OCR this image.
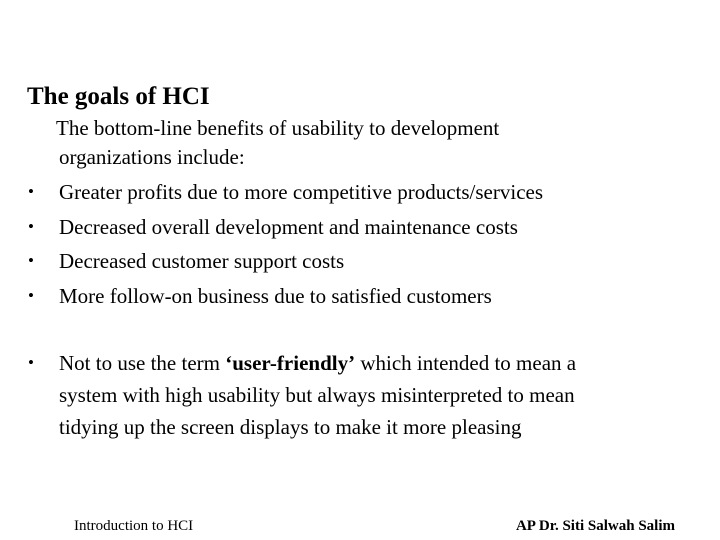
The goals of HCI
The bottom-line benefits of usability to development
organizations include:
• Greater profits due to more competitive products/services
• Decreased overall development and maintenance costs
• Decreased customer support costs
• More follow-on business due to satisfied customers
• Not to use the term ‘user-friendly’ which intended to mean a
system with high usability but always misinterpreted to mean
tidying up the screen displays to make it more pleasing
Introduction to HCI	AP Dr. Siti Salwah Salim
